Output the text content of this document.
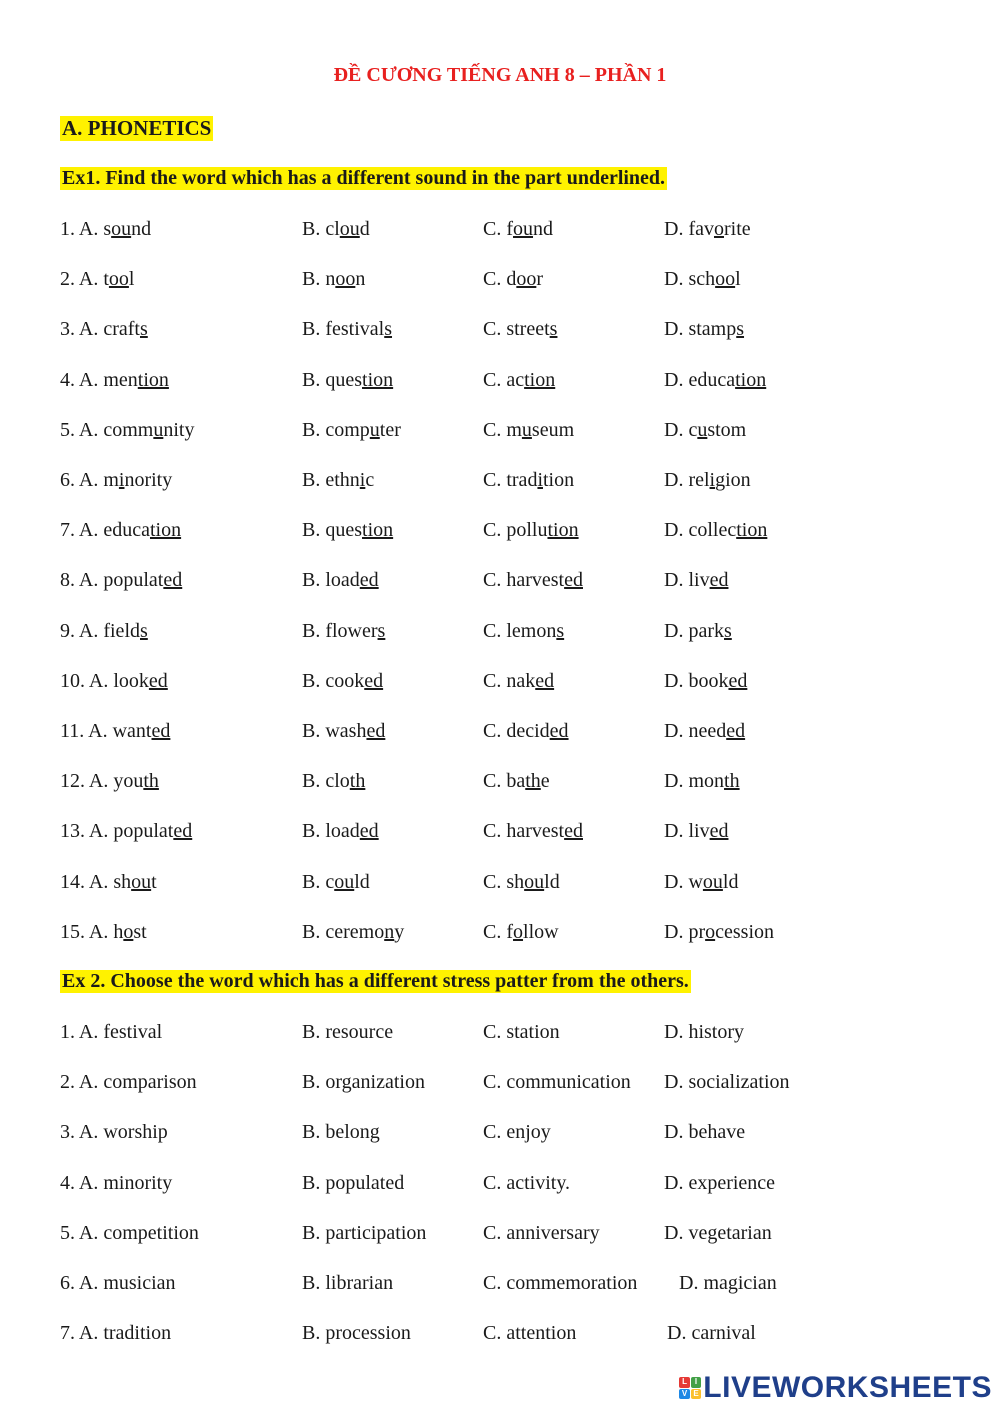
ĐỀ CƯƠNG TIẾNG ANH 8 – PHẦN 1
A. PHONETICS
Ex1. Find the word which has a different sound in the part underlined.
1. A. sound	B. cloud	C. found	D. favorite
2. A. tool	B. noon	C. door	D. school
3. A. crafts	B. festivals	C. streets	D. stamps
4. A. mention	B. question	C. action	D. education
5. A. community	B. computer	C. museum	D. custom
6. A. minority	B. ethnic	C. tradition	D. religion
7. A. education	B. question	C. pollution	D. collection
8. A. populated	B. loaded	C. harvested	D. lived
9. A. fields	B. flowers	C. lemons	D. parks
10. A. looked	B. cooked	C. naked	D. booked
11. A. wanted	B. washed	C. decided	D. needed
12. A. youth	B. cloth	C. bathe	D. month
13. A. populated	B. loaded	C. harvested	D. lived
14. A. shout	B. could	C. should	D. would
15. A. host	B. ceremony	C. follow	D. procession
Ex 2. Choose the word which has a different stress patter from the others.
1. A. festival	B. resource	C. station	D. history
2. A. comparison	B. organization	C. communication D. socialization
3. A. worship	B. belong	C. enjoy	D. behave
4. A. minority	B. populated	C. activity.	D. experience
5. A. competition	B. participation	C. anniversary	D. vegetarian
6. A. musician	B. librarian	C. commemoration D. magician
7. A. tradition	B. procession	C. attention	D. carnival
L I
V E LIVEWORKSHEETS
